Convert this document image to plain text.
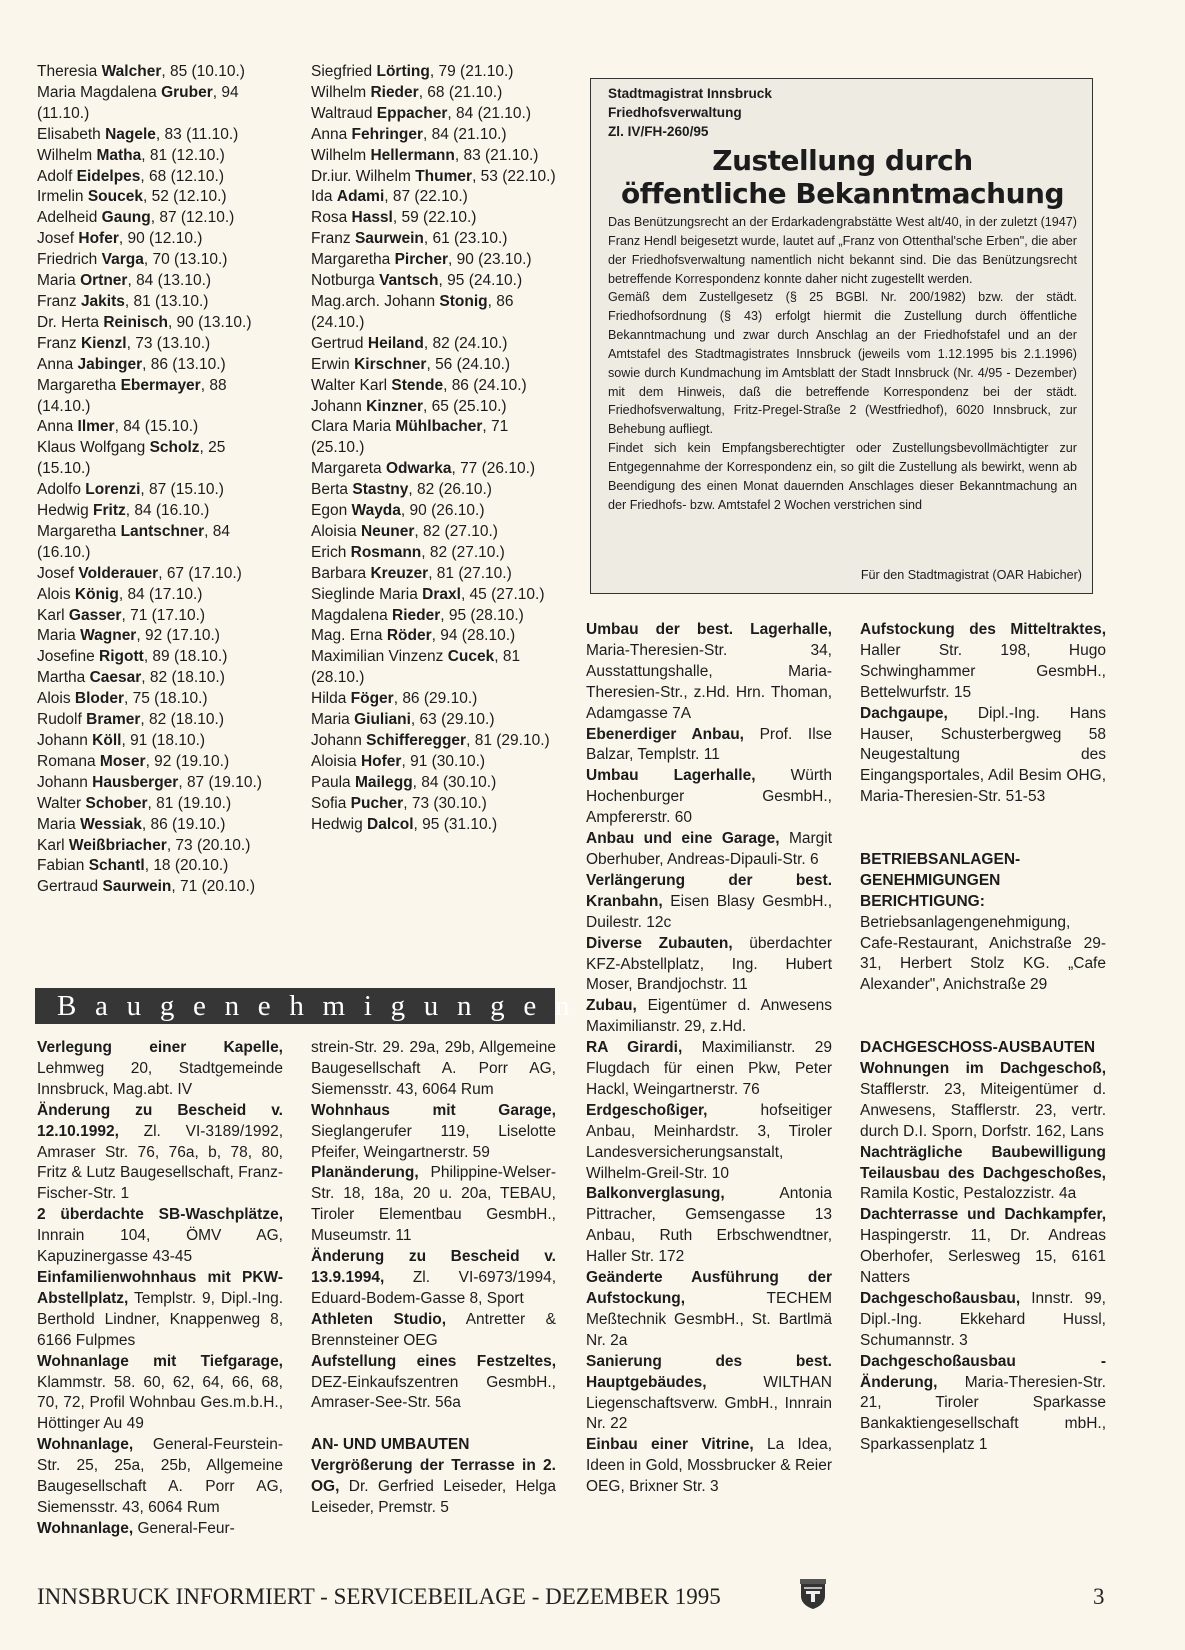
Theresia Walcher, 85 (10.10.)

Maria Magdalena Gruber, 94 (11.10.)

Elisabeth Nagele, 83 (11.10.)

Wilhelm Matha, 81 (12.10.)

Adolf Eidelpes, 68 (12.10.)

Irmelin Soucek, 52 (12.10.)

Adelheid Gaung, 87 (12.10.)

Josef Hofer, 90 (12.10.)

Friedrich Varga, 70 (13.10.)

Maria Ortner, 84 (13.10.)

Franz Jakits, 81 (13.10.)

Dr. Herta Reinisch, 90 (13.10.)

Franz Kienzl, 73 (13.10.)

Anna Jabinger, 86 (13.10.)

Margaretha Ebermayer, 88 (14.10.)

Anna Ilmer, 84 (15.10.)

Klaus Wolfgang Scholz, 25 (15.10.)

Adolfo Lorenzi, 87 (15.10.)

Hedwig Fritz, 84 (16.10.)

Margaretha Lantschner, 84 (16.10.)

Josef Volderauer, 67 (17.10.)

Alois König, 84 (17.10.)

Karl Gasser, 71 (17.10.)

Maria Wagner, 92 (17.10.)

Josefine Rigott, 89 (18.10.)

Martha Caesar, 82 (18.10.)

Alois Bloder, 75 (18.10.)

Rudolf Bramer, 82 (18.10.)

Johann Köll, 91 (18.10.)

Romana Moser, 92 (19.10.)

Johann Hausberger, 87 (19.10.)

Walter Schober, 81 (19.10.)

Maria Wessiak, 86 (19.10.)

Karl Weißbriacher, 73 (20.10.)

Fabian Schantl, 18 (20.10.)

Gertraud Saurwein, 71 (20.10.)

Siegfried Lörting, 79 (21.10.)

Wilhelm Rieder, 68 (21.10.)

Waltraud Eppacher, 84 (21.10.)

Anna Fehringer, 84 (21.10.)

Wilhelm Hellermann, 83 (21.10.)

Dr.iur. Wilhelm Thumer, 53 (22.10.)

Ida Adami, 87 (22.10.)

Rosa Hassl, 59 (22.10.)

Franz Saurwein, 61 (23.10.)

Margaretha Pircher, 90 (23.10.)

Notburga Vantsch, 95 (24.10.)

Mag.arch. Johann Stonig, 86 (24.10.)

Gertrud Heiland, 82 (24.10.)

Erwin Kirschner, 56 (24.10.)

Walter Karl Stende, 86 (24.10.)

Johann Kinzner, 65 (25.10.)

Clara Maria Mühlbacher, 71 (25.10.)

Margareta Odwarka, 77 (26.10.)

Berta Stastny, 82 (26.10.)

Egon Wayda, 90 (26.10.)

Aloisia Neuner, 82 (27.10.)

Erich Rosmann, 82 (27.10.)

Barbara Kreuzer, 81 (27.10.)

Sieglinde Maria Draxl, 45 (27.10.)

Magdalena Rieder, 95 (28.10.)

Mag. Erna Röder, 94 (28.10.)

Maximilian Vinzenz Cucek, 81 (28.10.)

Hilda Föger, 86 (29.10.)

Maria Giuliani, 63 (29.10.)

Johann Schifferegger, 81 (29.10.)

Aloisia Hofer, 91 (30.10.)

Paula Mailegg, 84 (30.10.)

Sofia Pucher, 73 (30.10.)

Hedwig Dalcol, 95 (31.10.)

Stadtmagistrat Innsbruck
Friedhofsverwaltung
Zl. IV/FH-260/95
Zustellung durch
öffentliche Bekanntmachung
Das Benützungsrecht an der Erdarkadengrabstätte West alt/40, in der zuletzt (1947) Franz Hendl beigesetzt wurde, lautet auf „Franz von Ottenthal'sche Erben", die aber der Friedhofsverwaltung namentlich nicht bekannt sind. Die das Benützungsrecht betreffende Korrespondenz konnte daher nicht zugestellt werden.
Gemäß dem Zustellgesetz (§ 25 BGBl. Nr. 200/1982) bzw. der städt. Friedhofsordnung (§ 43) erfolgt hiermit die Zustellung durch öffentliche Bekanntmachung und zwar durch Anschlag an der Friedhofstafel und an der Amtstafel des Stadtmagistrates Innsbruck (jeweils vom 1.12.1995 bis 2.1.1996) sowie durch Kundmachung im Amtsblatt der Stadt Innsbruck (Nr. 4/95 - Dezember) mit dem Hinweis, daß die betreffende Korrespondenz bei der städt. Friedhofsverwaltung, Fritz-Pregel-Straße 2 (Westfriedhof), 6020 Innsbruck, zur Behebung aufliegt.
Findet sich kein Empfangsberechtigter oder Zustellungsbevollmächtigter zur Entgegennahme der Korrespondenz ein, so gilt die Zustellung als bewirkt, wenn ab Beendigung des einen Monat dauernden Anschlages dieser Bekanntmachung an der Friedhofs- bzw. Amtstafel 2 Wochen verstrichen sind
Für den Stadtmagistrat (OAR Habicher)
Baugenehmigungen

Verlegung einer Kapelle, Lehmweg 20, Stadtgemeinde Innsbruck, Mag.abt. IV

Änderung zu Bescheid v. 12.10.1992, Zl. VI-3189/1992, Amraser Str. 76, 76a, b, 78, 80, Fritz & Lutz Baugesellschaft, Franz-Fischer-Str. 1

2 überdachte SB-Waschplätze, Innrain 104, ÖMV AG, Kapuzinergasse 43-45

Einfamilienwohnhaus mit PKW-Abstellplatz, Templstr. 9, Dipl.-Ing. Berthold Lindner, Knappenweg 8, 6166 Fulpmes

Wohnanlage mit Tiefgarage, Klammstr. 58. 60, 62, 64, 66, 68, 70, 72, Profil Wohnbau Ges.m.b.H., Höttinger Au 49

Wohnanlage, General-Feurstein-Str. 25, 25a, 25b, Allgemeine Baugesellschaft A. Porr AG, Siemensstr. 43, 6064 Rum

Wohnanlage, General-Feur-

strein-Str. 29. 29a, 29b, Allgemeine Baugesellschaft A. Porr AG, Siemensstr. 43, 6064 Rum

Wohnhaus mit Garage, Sieglangerufer 119, Liselotte Pfeifer, Weingartnerstr. 59

Planänderung, Philippine-Welser-Str. 18, 18a, 20 u. 20a, TEBAU, Tiroler Elementbau GesmbH., Museumstr. 11

Änderung zu Bescheid v. 13.9.1994, Zl. VI-6973/1994, Eduard-Bodem-Gasse 8, Sport

Athleten Studio, Antretter & Brennsteiner OEG

Aufstellung eines Festzeltes, DEZ-Einkaufszentren GesmbH., Amraser-See-Str. 56a

AN- UND UMBAUTEN

Vergrößerung der Terrasse in 2. OG, Dr. Gerfried Leiseder, Helga Leiseder, Premstr. 5

Umbau der best. Lagerhalle, Maria-Theresien-Str. 34, Ausstattungshalle, Maria-Theresien-Str., z.Hd. Hrn. Thoman, Adamgasse 7A

Ebenerdiger Anbau, Prof. Ilse Balzar, Templstr. 11

Umbau Lagerhalle, Würth Hochenburger GesmbH., Ampfererstr. 60

Anbau und eine Garage, Margit Oberhuber, Andreas-Dipauli-Str. 6

Verlängerung der best. Kranbahn, Eisen Blasy GesmbH., Duilestr. 12c

Diverse Zubauten, überdachter KFZ-Abstellplatz, Ing. Hubert Moser, Brandjochstr. 11

Zubau, Eigentümer d. Anwesens Maximilianstr. 29, z.Hd.

RA Girardi, Maximilianstr. 29 Flugdach für einen Pkw, Peter Hackl, Weingartnerstr. 76

Erdgeschoßiger, hofseitiger Anbau, Meinhardstr. 3, Tiroler Landesversicherungsanstalt, Wilhelm-Greil-Str. 10

Balkonverglasung, Antonia Pittracher, Gemsengasse 13 Anbau, Ruth Erbschwendtner, Haller Str. 172

Geänderte Ausführung der Aufstockung, TECHEM Meßtechnik GesmbH., St. Bartlmä Nr. 2a

Sanierung des best. Hauptgebäudes, WILTHAN Liegenschaftsverw. GmbH., Innrain Nr. 22

Einbau einer Vitrine, La Idea, Ideen in Gold, Mossbrucker & Reier OEG, Brixner Str. 3

Aufstockung des Mitteltraktes, Haller Str. 198, Hugo Schwinghammer GesmbH., Bettelwurfstr. 15

Dachgaupe, Dipl.-Ing. Hans Hauser, Schusterbergweg 58 Neugestaltung des Eingangsportales, Adil Besim OHG, Maria-Theresien-Str. 51-53

BETRIEBSANLAGEN-GENEHMIGUNGEN

BERICHTIGUNG: Betriebsanlagengenehmigung, Cafe-Restaurant, Anichstraße 29-31, Herbert Stolz KG. „Cafe Alexander", Anichstraße 29

DACHGESCHOSS-AUSBAUTEN

Wohnungen im Dachgeschoß, Stafflerstr. 23, Miteigentümer d. Anwesens, Stafflerstr. 23, vertr. durch D.I. Sporn, Dorfstr. 162, Lans

Nachträgliche Baubewilligung Teilausbau des Dachgeschoßes, Ramila Kostic, Pestalozzistr. 4a

Dachterrasse und Dachkampfer, Haspingerstr. 11, Dr. Andreas Oberhofer, Serlesweg 15, 6161 Natters

Dachgeschoßausbau, Innstr. 99, Dipl.-Ing. Ekkehard Hussl, Schumannstr. 3

Dachgeschoßausbau - Änderung, Maria-Theresien-Str. 21, Tiroler Sparkasse Bankaktiengesellschaft mbH., Sparkassenplatz 1

INNSBRUCK INFORMIERT - SERVICEBEILAGE - DEZEMBER 1995	3
